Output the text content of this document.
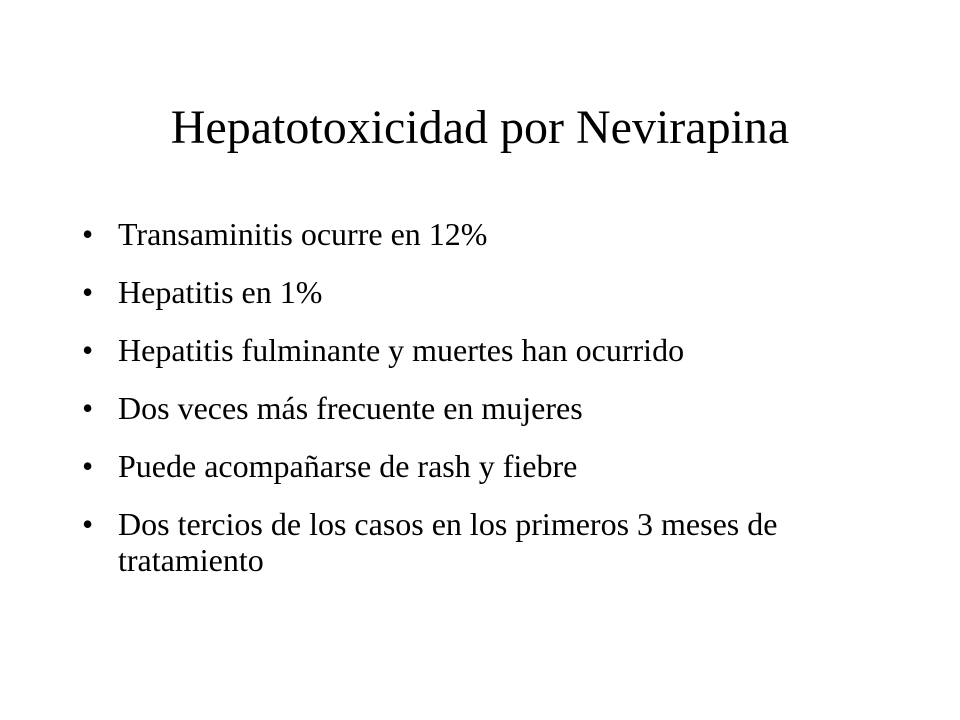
Hepatotoxicidad por Nevirapina
• Transaminitis ocurre en 12%
• Hepatitis en 1%
• Hepatitis fulminante y muertes han ocurrido
• Dos veces más frecuente en mujeres
• Puede acompañarse de rash y fiebre
• Dos tercios de los casos en los primeros 3 meses de tratamiento
